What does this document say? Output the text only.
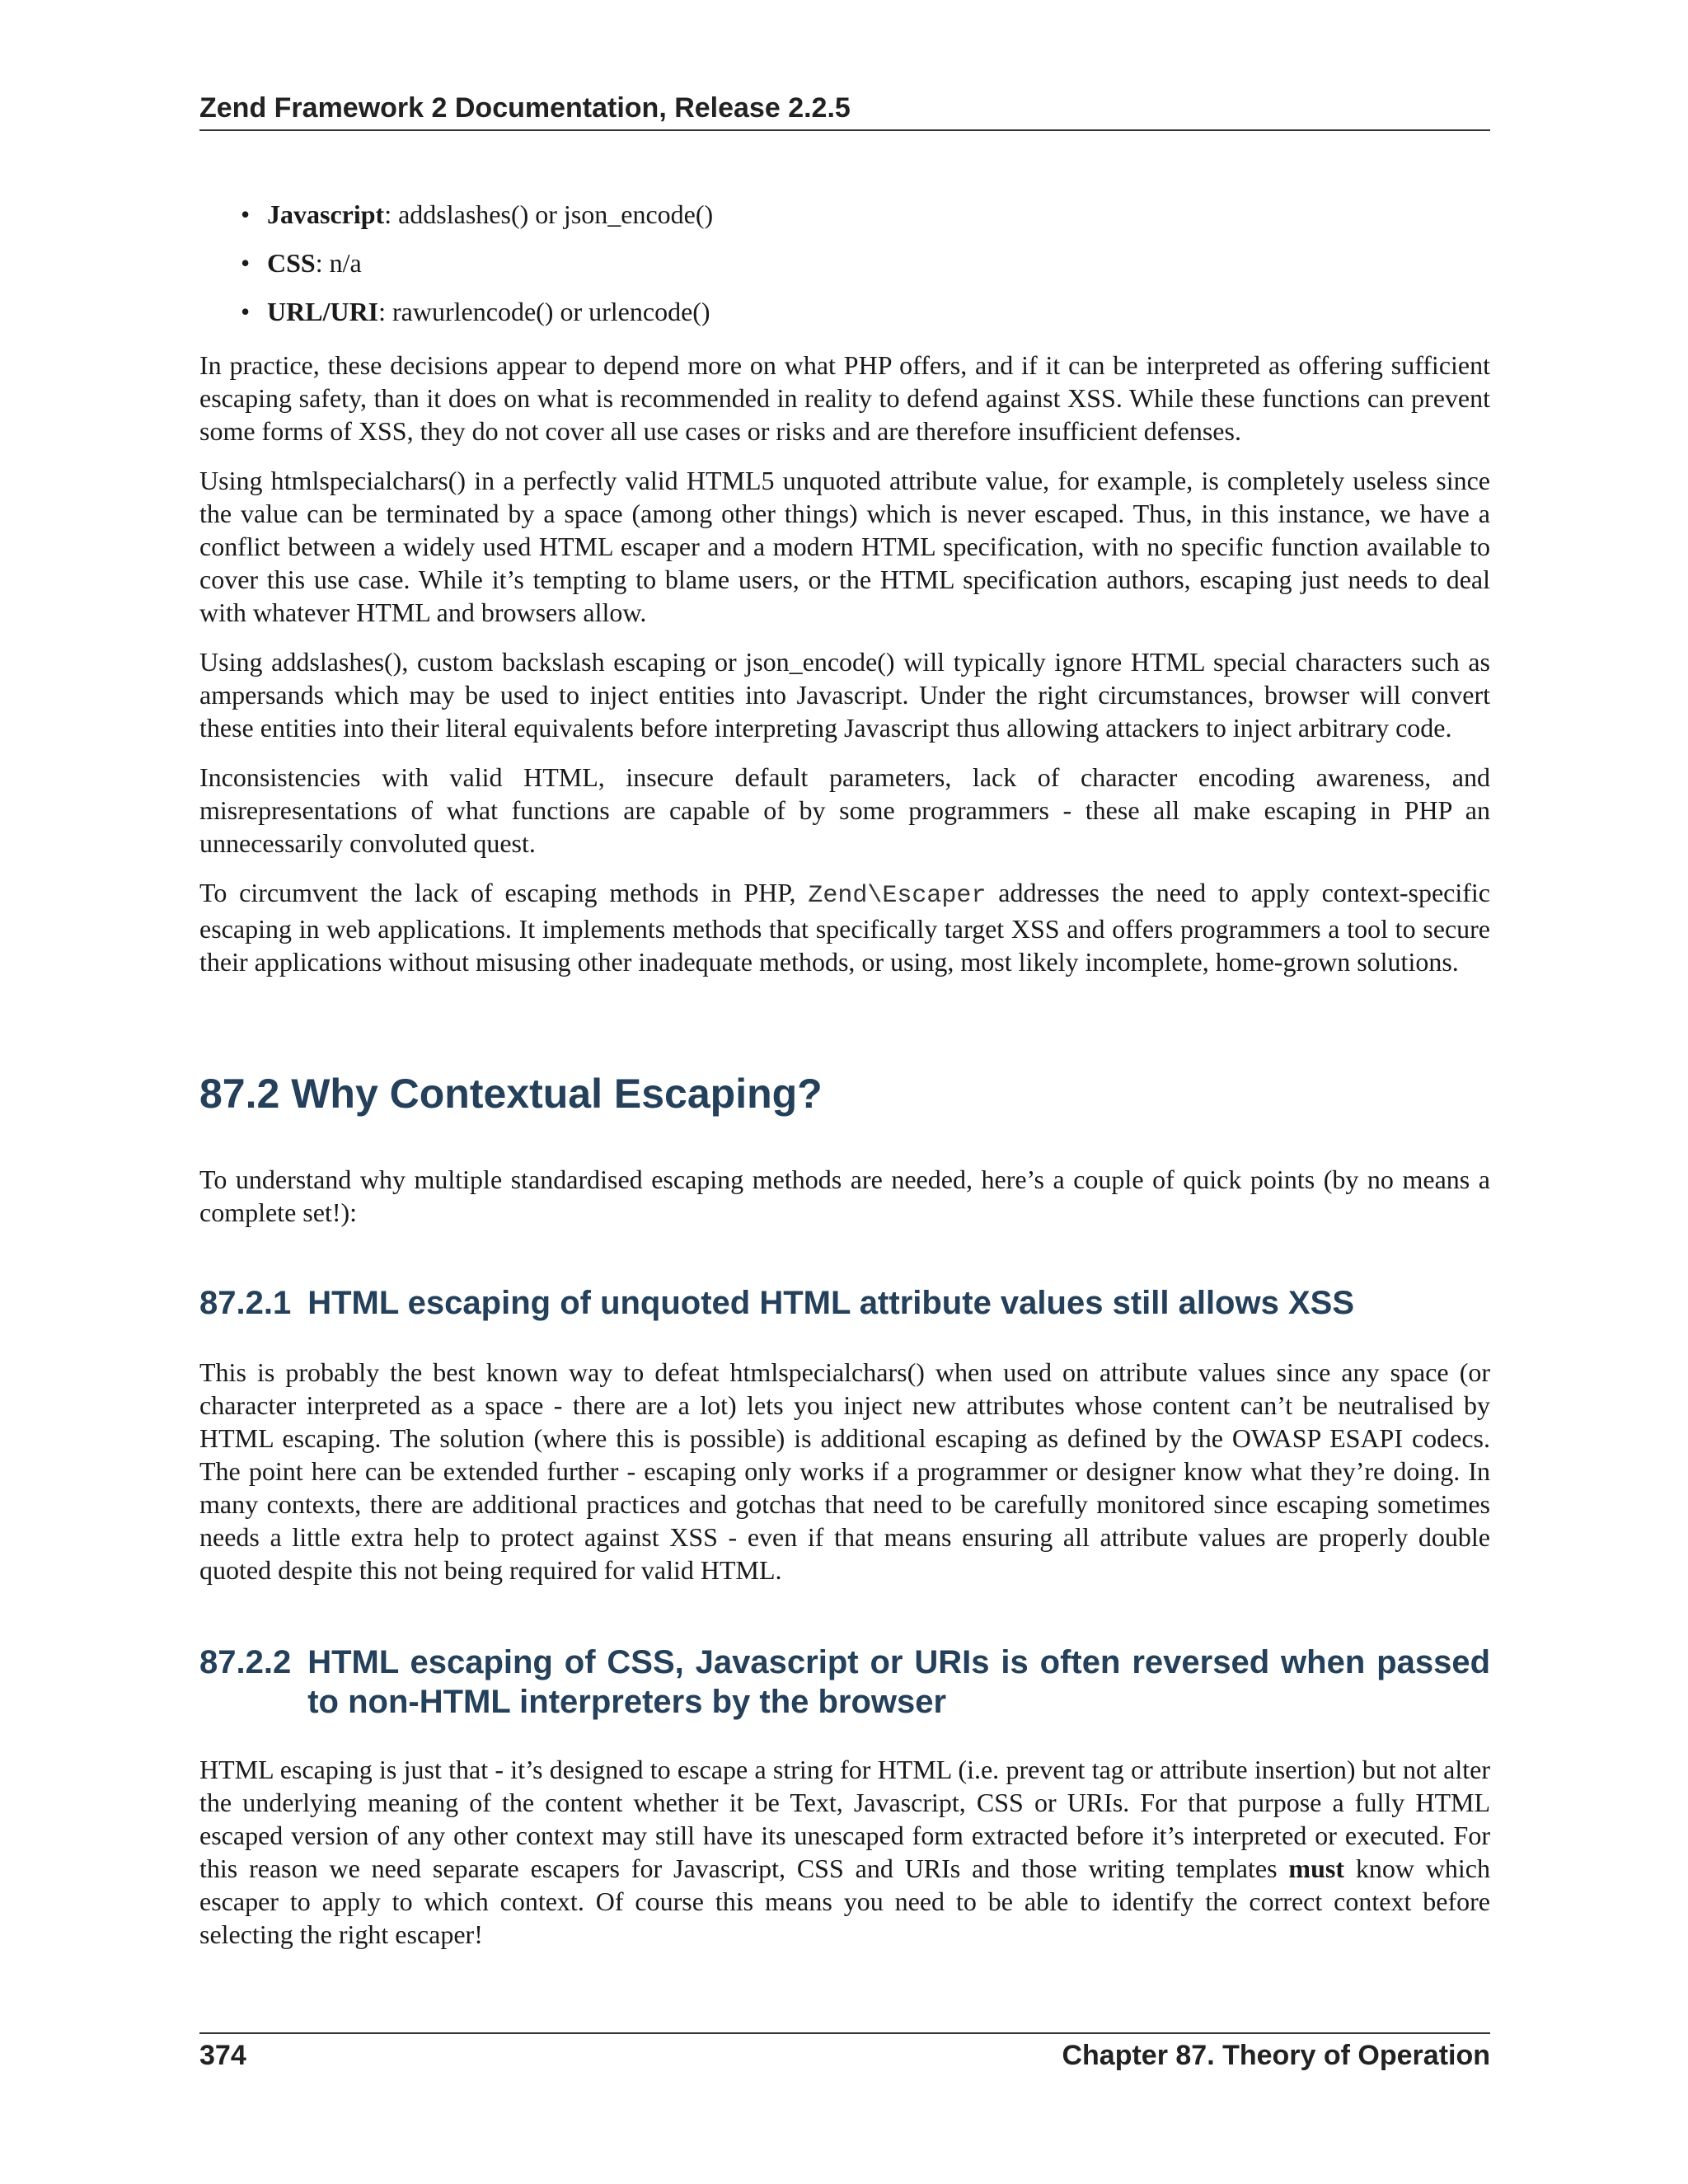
Zend Framework 2 Documentation, Release 2.2.5
• Javascript: addslashes() or json_encode()
• CSS: n/a
• URL/URI: rawurlencode() or urlencode()

In practice, these decisions appear to depend more on what PHP offers, and if it can be interpreted as offering sufficient escaping safety, than it does on what is recommended in reality to defend against XSS. While these functions can prevent some forms of XSS, they do not cover all use cases or risks and are therefore insufficient defenses.

Using htmlspecialchars() in a perfectly valid HTML5 unquoted attribute value, for example, is completely useless since the value can be terminated by a space (among other things) which is never escaped. Thus, in this instance, we have a conflict between a widely used HTML escaper and a modern HTML specification, with no specific function available to cover this use case. While it’s tempting to blame users, or the HTML specification authors, escaping just needs to deal with whatever HTML and browsers allow.

Using addslashes(), custom backslash escaping or json_encode() will typically ignore HTML special characters such as ampersands which may be used to inject entities into Javascript. Under the right circumstances, browser will convert these entities into their literal equivalents before interpreting Javascript thus allowing attackers to inject arbitrary code.

Inconsistencies with valid HTML, insecure default parameters, lack of character encoding awareness, and misrepresentations of what functions are capable of by some programmers - these all make escaping in PHP an unnecessarily convoluted quest.

To circumvent the lack of escaping methods in PHP, Zend\Escaper addresses the need to apply context-specific escaping in web applications. It implements methods that specifically target XSS and offers programmers a tool to secure their applications without misusing other inadequate methods, or using, most likely incomplete, home-grown solutions.

87.2 Why Contextual Escaping?

To understand why multiple standardised escaping methods are needed, here’s a couple of quick points (by no means a complete set!):

87.2.1 HTML escaping of unquoted HTML attribute values still allows XSS

This is probably the best known way to defeat htmlspecialchars() when used on attribute values since any space (or character interpreted as a space - there are a lot) lets you inject new attributes whose content can’t be neutralised by HTML escaping. The solution (where this is possible) is additional escaping as defined by the OWASP ESAPI codecs. The point here can be extended further - escaping only works if a programmer or designer know what they’re doing. In many contexts, there are additional practices and gotchas that need to be carefully monitored since escaping sometimes needs a little extra help to protect against XSS - even if that means ensuring all attribute values are properly double quoted despite this not being required for valid HTML.

87.2.2 HTML escaping of CSS, Javascript or URIs is often reversed when passed to non-HTML interpreters by the browser

HTML escaping is just that - it’s designed to escape a string for HTML (i.e. prevent tag or attribute insertion) but not alter the underlying meaning of the content whether it be Text, Javascript, CSS or URIs. For that purpose a fully HTML escaped version of any other context may still have its unescaped form extracted before it’s interpreted or executed. For this reason we need separate escapers for Javascript, CSS and URIs and those writing templates must know which escaper to apply to which context. Of course this means you need to be able to identify the correct context before selecting the right escaper!

374	Chapter 87. Theory of Operation
